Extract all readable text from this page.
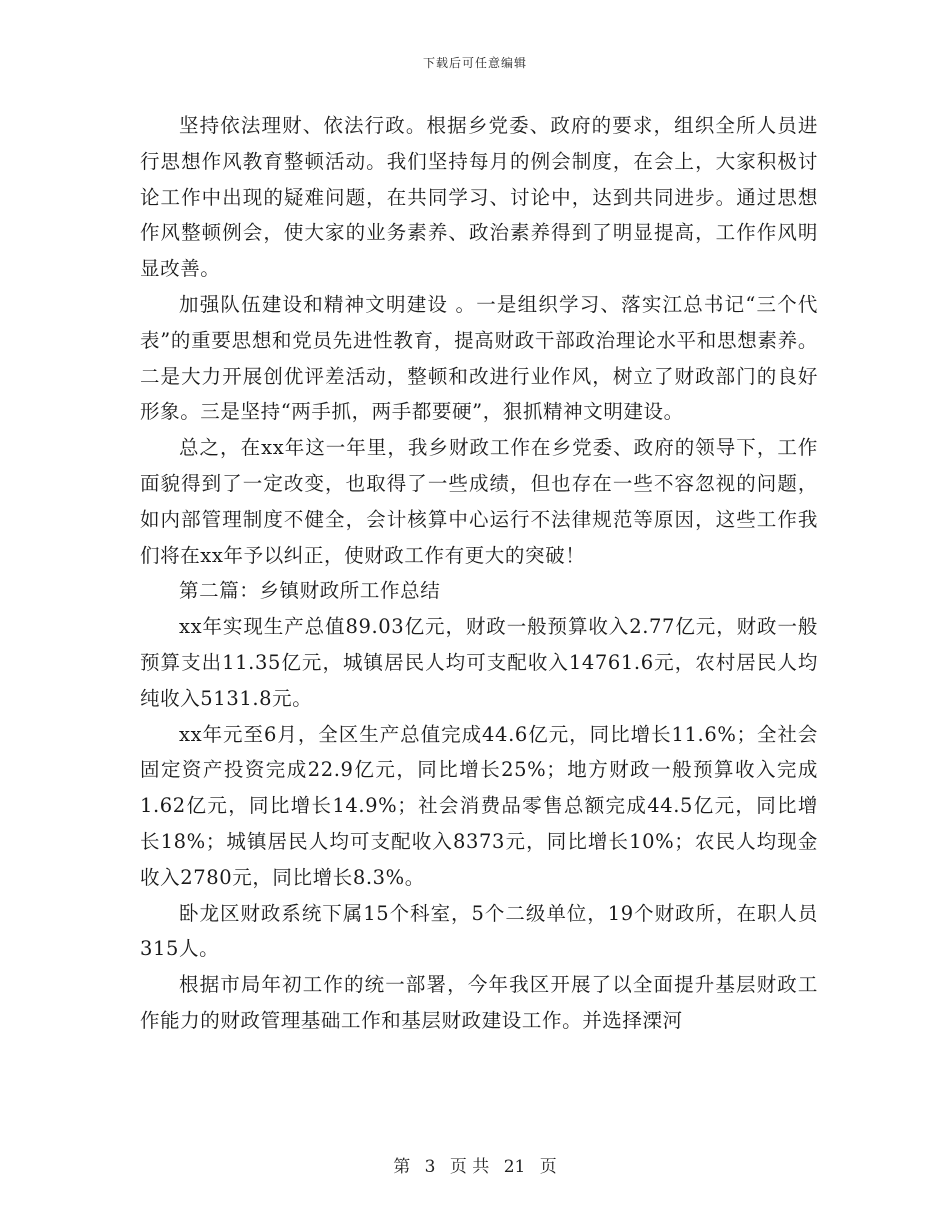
下载后可任意编辑

坚持依法理财、依法行政。根据乡党委、政府的要求，组织全所人员进行思想作风教育整顿活动。我们坚持每月的例会制度，在会上，大家积极讨论工作中出现的疑难问题，在共同学习、讨论中，达到共同进步。通过思想作风整顿例会，使大家的业务素养、政治素养得到了明显提高，工作作风明显改善。

加强队伍建设和精神文明建设 。一是组织学习、落实江总书记“三个代表”的重要思想和党员先进性教育，提高财政干部政治理论水平和思想素养。二是大力开展创优评差活动，整顿和改进行业作风，树立了财政部门的良好形象。三是坚持“两手抓，两手都要硬”，狠抓精神文明建设。

总之，在xx年这一年里，我乡财政工作在乡党委、政府的领导下，工作面貌得到了一定改变，也取得了一些成绩，但也存在一些不容忽视的问题，如内部管理制度不健全，会计核算中心运行不法律规范等原因，这些工作我们将在xx年予以纠正，使财政工作有更大的突破！

第二篇：乡镇财政所工作总结

xx年实现生产总值89.03亿元，财政一般预算收入2.77亿元，财政一般预算支出11.35亿元，城镇居民人均可支配收入14761.6元，农村居民人均纯收入5131.8元。

xx年元至6月，全区生产总值完成44.6亿元，同比增长11.6%；全社会固定资产投资完成22.9亿元，同比增长25%；地方财政一般预算收入完成1.62亿元，同比增长14.9%；社会消费品零售总额完成44.5亿元，同比增长18%；城镇居民人均可支配收入8373元，同比增长10%；农民人均现金收入2780元，同比增长8.3%。

卧龙区财政系统下属15个科室，5个二级单位，19个财政所，在职人员315人。

根据市局年初工作的统一部署，今年我区开展了以全面提升基层财政工作能力的财政管理基础工作和基层财政建设工作。并选择溧河

第 3 页 共 21 页
